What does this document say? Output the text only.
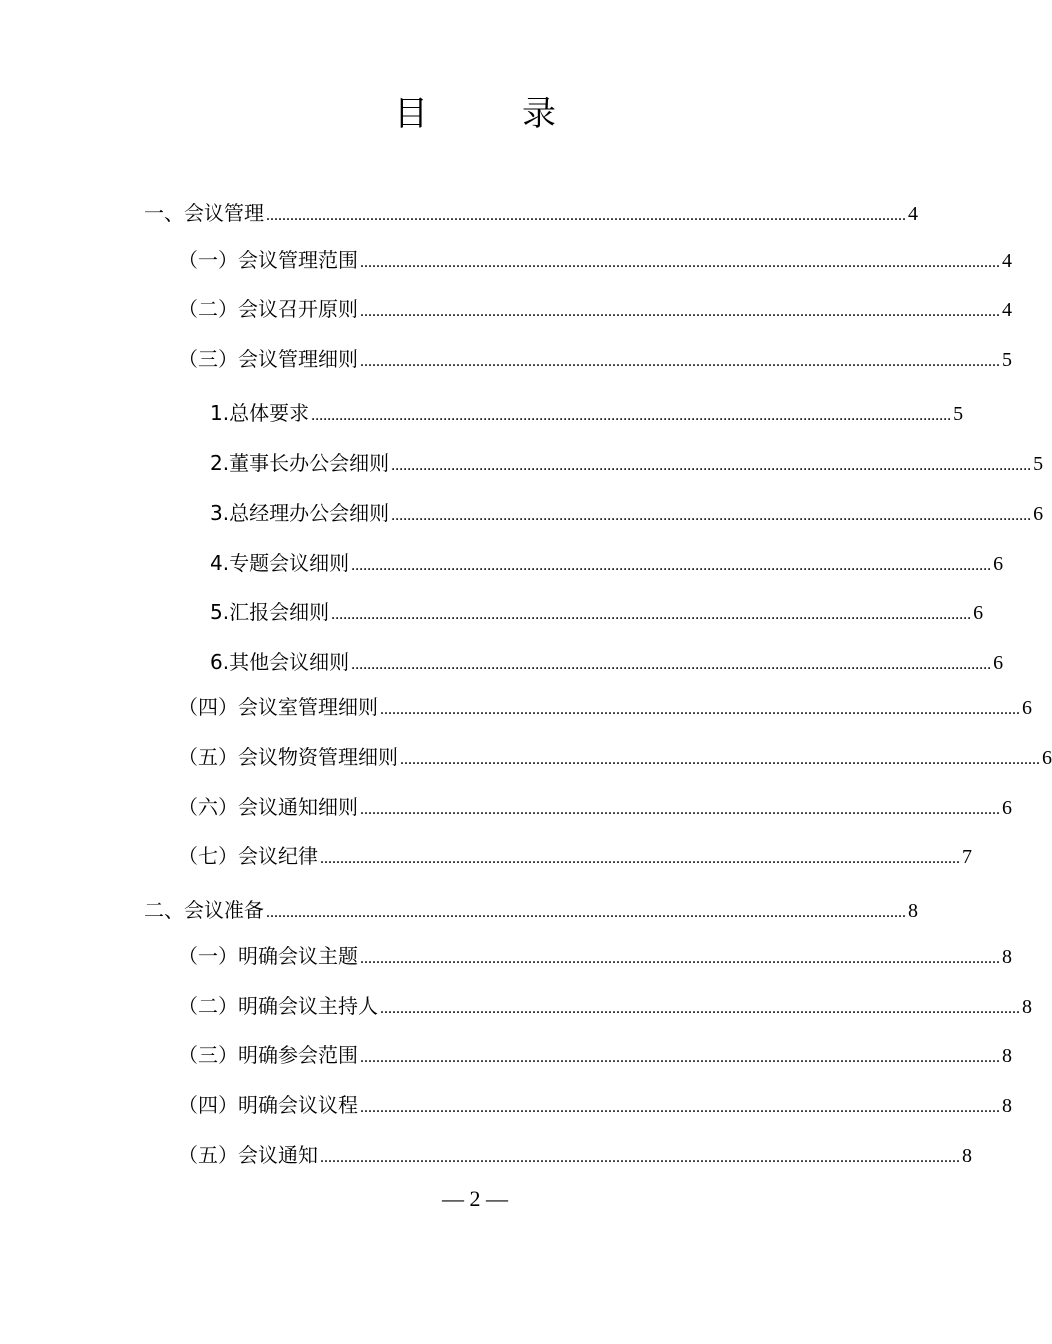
目　录
一、会议管理 ................................................................................................................................................................ 4
（一）会议管理范围 ................................................................................................................................................................ 4
（二）会议召开原则 ................................................................................................................................................................ 4
（三）会议管理细则 ................................................................................................................................................................ 5
1.总体要求 ................................................................................................................................................................ 5
2.董事长办公会细则 ................................................................................................................................................................ 5
3.总经理办公会细则 ................................................................................................................................................................ 6
4.专题会议细则 ................................................................................................................................................................ 6
5.汇报会细则 ................................................................................................................................................................ 6
6.其他会议细则 ................................................................................................................................................................ 6
（四）会议室管理细则 ................................................................................................................................................................ 6
（五）会议物资管理细则 ................................................................................................................................................................ 6
（六）会议通知细则 ................................................................................................................................................................ 6
（七）会议纪律 ................................................................................................................................................................ 7
二、会议准备 ................................................................................................................................................................ 8
（一）明确会议主题 ................................................................................................................................................................ 8
（二）明确会议主持人 ................................................................................................................................................................ 8
（三）明确参会范围 ................................................................................................................................................................ 8
（四）明确会议议程 ................................................................................................................................................................ 8
（五）会议通知 ................................................................................................................................................................ 8
— 2 —
